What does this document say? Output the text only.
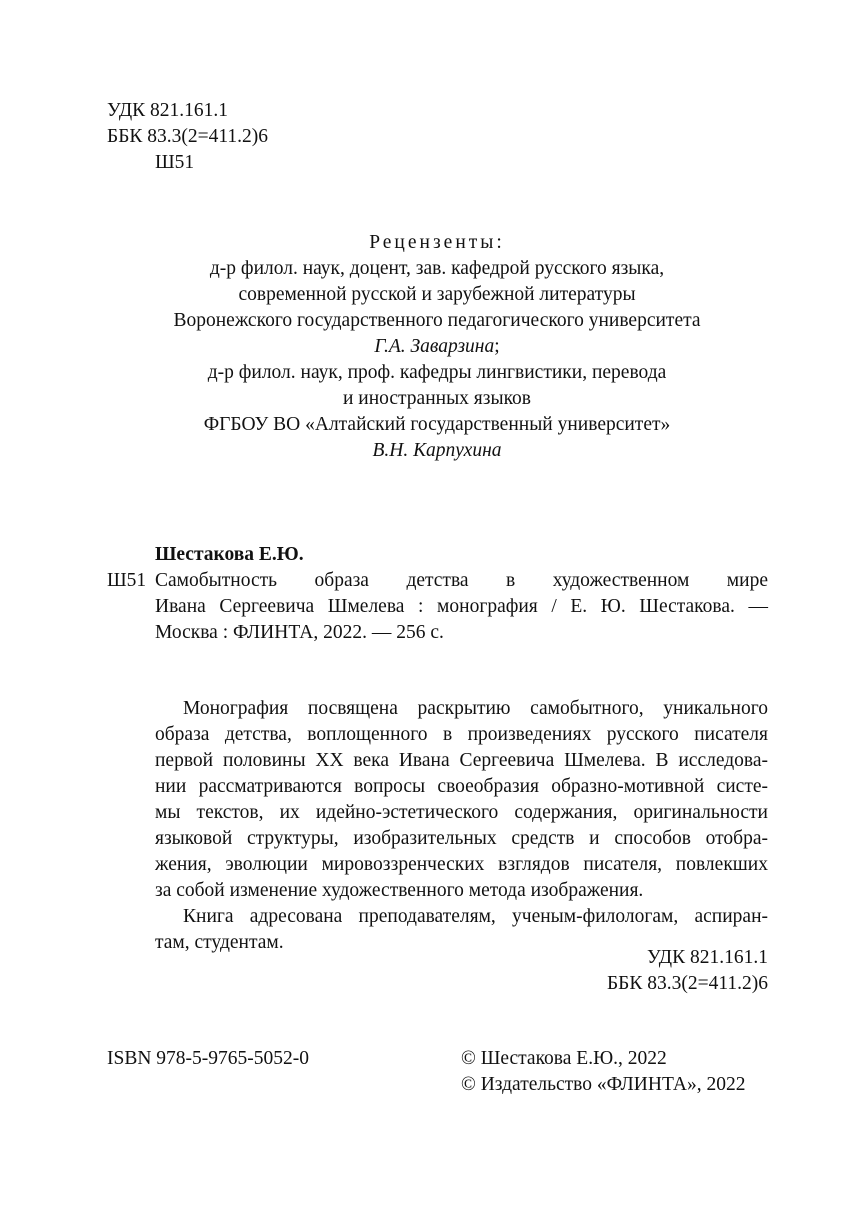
УДК 821.161.1
ББК 83.3(2=411.2)6
Ш51
Рецензенты:
д-р филол. наук, доцент, зав. кафедрой русского языка,
современной русской и зарубежной литературы
Воронежского государственного педагогического университета
Г.А. Заварзина;
д-р филол. наук, проф. кафедры лингвистики, перевода
и иностранных языков
ФГБОУ ВО «Алтайский государственный университет»
В.Н. Карпухина
Шестакова Е.Ю.
Ш51 Самобытность образа детства в художественном мире
Ивана Сергеевича Шмелева : монография / Е. Ю. Шестакова. —
Москва : ФЛИНТА, 2022. — 256 с.
Монография посвящена раскрытию самобытного, уникального
образа детства, воплощенного в произведениях русского писателя
первой половины XX века Ивана Сергеевича Шмелева. В исследова-
нии рассматриваются вопросы своеобразия образно-мотивной систе-
мы текстов, их идейно-эстетического содержания, оригинальности
языковой структуры, изобразительных средств и способов отобра-
жения, эволюции мировоззренческих взглядов писателя, повлекших
за собой изменение художественного метода изображения.
Книга адресована преподавателям, ученым-филологам, аспиран-
там, студентам.
УДК 821.161.1
ББК 83.3(2=411.2)6
ISBN 978-5-9765-5052-0	© Шестакова Е.Ю., 2022
© Издательство «ФЛИНТА», 2022
